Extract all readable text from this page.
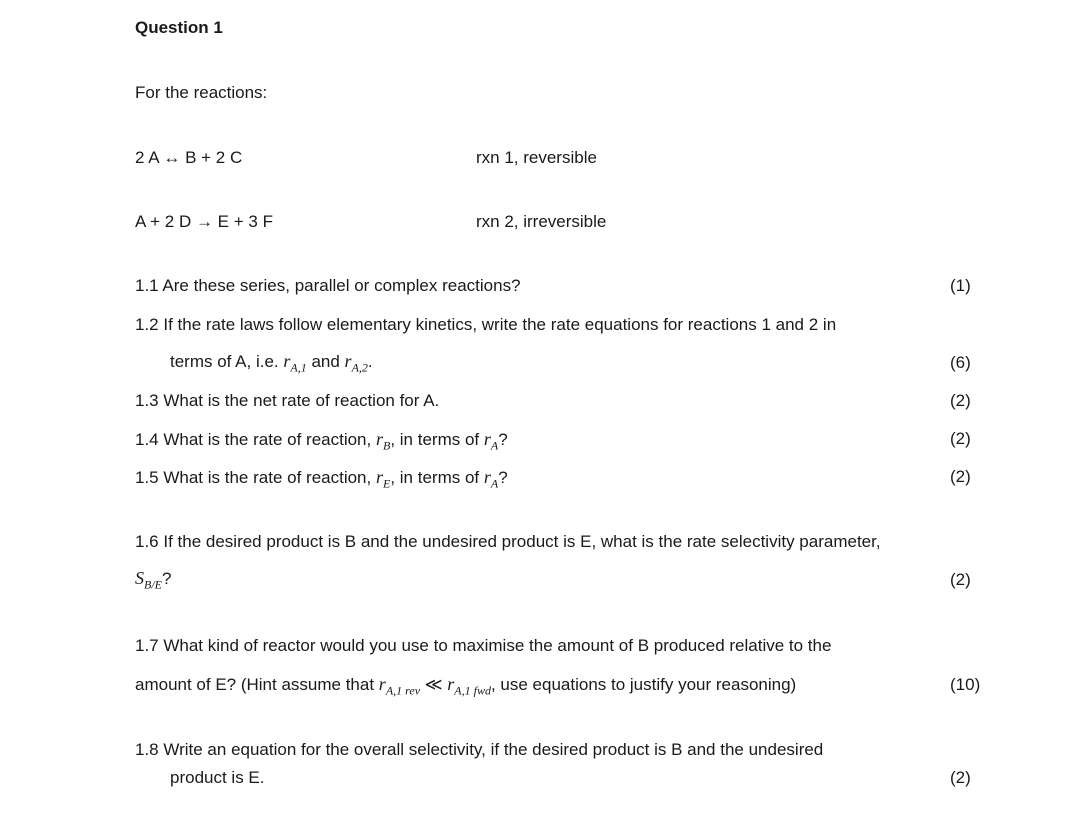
Question 1
For the reactions:
2 A ↔ B + 2 C	rxn 1, reversible
A + 2 D → E + 3 F	rxn 2, irreversible
1.1 Are these series, parallel or complex reactions?	(1)
1.2 If the rate laws follow elementary kinetics, write the rate equations for reactions 1 and 2 in
terms of A, i.e. $r_{A,1}$ and $r_{A,2}$.	(6)
1.3 What is the net rate of reaction for A.	(2)
1.4 What is the rate of reaction, $r_B$, in terms of $r_A$?	(2)
1.5 What is the rate of reaction, $r_E$, in terms of $r_A$?	(2)
1.6 If the desired product is B and the undesired product is E, what is the rate selectivity parameter,
$S_{B/E}$?	(2)
1.7 What kind of reactor would you use to maximise the amount of B produced relative to the
amount of E? (Hint assume that $r_{A,1 rev}$ ≪ $r_{A,1 fwd}$, use equations to justify your reasoning)	(10)
1.8 Write an equation for the overall selectivity, if the desired product is B and the undesired
product is E.	(2)
